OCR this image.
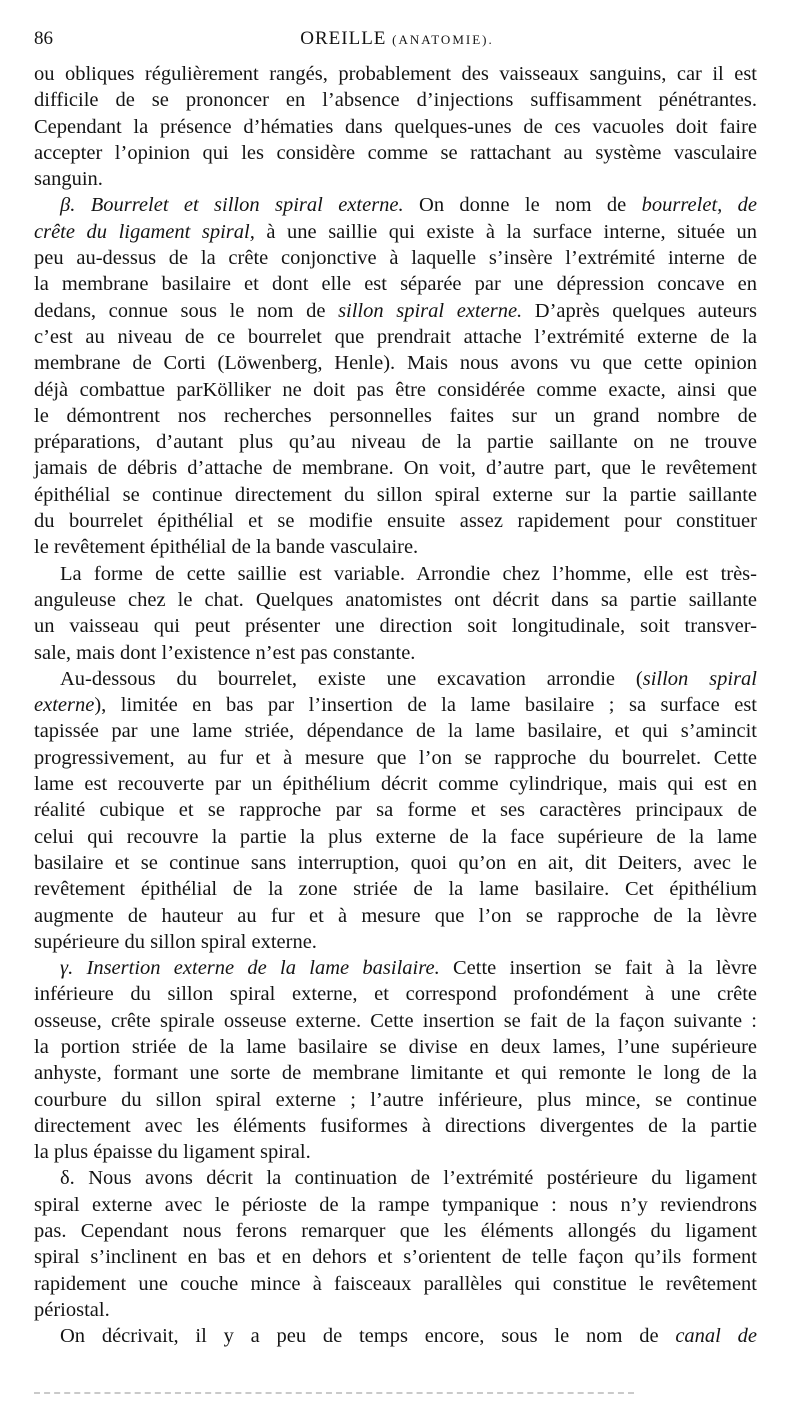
86	OREILLE (ANATOMIE).
ou obliques régulièrement rangés, probablement des vaisseaux sanguins, car il est
difficile de se prononcer en l’absence d’injections suffisamment pénétrantes.
Cependant la présence d’hématies dans quelques-unes de ces vacuoles doit faire
accepter l’opinion qui les considère comme se rattachant au système vasculaire
sanguin.
β. Bourrelet et sillon spiral externe. On donne le nom de bourrelet, de
crête du ligament spiral, à une saillie qui existe à la surface interne, située un
peu au-dessus de la crête conjonctive à laquelle s’insère l’extrémité interne de
la membrane basilaire et dont elle est séparée par une dépression concave en
dedans, connue sous le nom de sillon spiral externe. D’après quelques auteurs
c’est au niveau de ce bourrelet que prendrait attache l’extrémité externe de la
membrane de Corti (Löwenberg, Henle). Mais nous avons vu que cette opinion
déjà combattue parKölliker ne doit pas être considérée comme exacte, ainsi que
le démontrent nos recherches personnelles faites sur un grand nombre de
préparations, d’autant plus qu’au niveau de la partie saillante on ne trouve
jamais de débris d’attache de membrane. On voit, d’autre part, que le revêtement
épithélial se continue directement du sillon spiral externe sur la partie saillante
du bourrelet épithélial et se modifie ensuite assez rapidement pour constituer
le revêtement épithélial de la bande vasculaire.
La forme de cette saillie est variable. Arrondie chez l’homme, elle est très-
anguleuse chez le chat. Quelques anatomistes ont décrit dans sa partie saillante
un vaisseau qui peut présenter une direction soit longitudinale, soit transver-
sale, mais dont l’existence n’est pas constante.
Au-dessous du bourrelet, existe une excavation arrondie (sillon spiral
externe), limitée en bas par l’insertion de la lame basilaire ; sa surface est
tapissée par une lame striée, dépendance de la lame basilaire, et qui s’amincit
progressivement, au fur et à mesure que l’on se rapproche du bourrelet. Cette
lame est recouverte par un épithélium décrit comme cylindrique, mais qui est en
réalité cubique et se rapproche par sa forme et ses caractères principaux de
celui qui recouvre la partie la plus externe de la face supérieure de la lame
basilaire et se continue sans interruption, quoi qu’on en ait, dit Deiters, avec le
revêtement épithélial de la zone striée de la lame basilaire. Cet épithélium
augmente de hauteur au fur et à mesure que l’on se rapproche de la lèvre
supérieure du sillon spiral externe.
γ. Insertion externe de la lame basilaire. Cette insertion se fait à la lèvre
inférieure du sillon spiral externe, et correspond profondément à une crête
osseuse, crête spirale osseuse externe. Cette insertion se fait de la façon suivante :
la portion striée de la lame basilaire se divise en deux lames, l’une supérieure
anhyste, formant une sorte de membrane limitante et qui remonte le long de la
courbure du sillon spiral externe ; l’autre inférieure, plus mince, se continue
directement avec les éléments fusiformes à directions divergentes de la partie
la plus épaisse du ligament spiral.
δ. Nous avons décrit la continuation de l’extrémité postérieure du ligament
spiral externe avec le périoste de la rampe tympanique : nous n’y reviendrons
pas. Cependant nous ferons remarquer que les éléments allongés du ligament
spiral s’inclinent en bas et en dehors et s’orientent de telle façon qu’ils forment
rapidement une couche mince à faisceaux parallèles qui constitue le revêtement
périostal.
On décrivait, il y a peu de temps encore, sous le nom de canal de
